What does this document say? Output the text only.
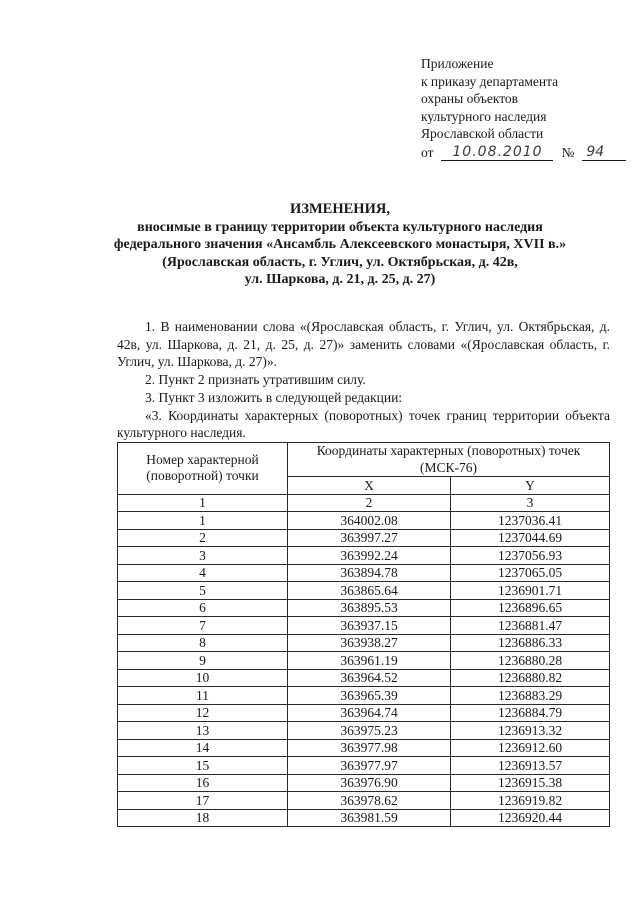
Приложение
к приказу департамента
охраны объектов
культурного наследия
Ярославской области
от	10.08.2010	№ 94
ИЗМЕНЕНИЯ,
вносимые в границу территории объекта культурного наследия
федерального значения «Ансамбль Алексеевского монастыря, XVII в.»
(Ярославская область, г. Углич, ул. Октябрьская, д. 42в,
ул. Шаркова, д. 21, д. 25, д. 27)

1. В наименовании слова «(Ярославская область, г. Углич, ул. Октябрьская, д. 42в, ул. Шаркова, д. 21, д. 25, д. 27)» заменить словами «(Ярославская область, г. Углич, ул. Шаркова, д. 27)».

2. Пункт 2 признать утратившим силу.

3. Пункт 3 изложить в следующей редакции:

«3. Координаты характерных (поворотных) точек границ территории объекта культурного наследия.

Номер характерной (поворотной) точки	Координаты характерных (поворотных) точек (МСК-76)	
	X	Y
1	2	3
1	364002.08	1237036.41
2	363997.27	1237044.69
3	363992.24	1237056.93
4	363894.78	1237065.05
5	363865.64	1236901.71
6	363895.53	1236896.65
7	363937.15	1236881.47
8	363938.27	1236886.33
9	363961.19	1236880.28
10	363964.52	1236880.82
11	363965.39	1236883.29
12	363964.74	1236884.79
13	363975.23	1236913.32
14	363977.98	1236912.60
15	363977.97	1236913.57
16	363976.90	1236915.38
17	363978.62	1236919.82
18	363981.59	1236920.44
